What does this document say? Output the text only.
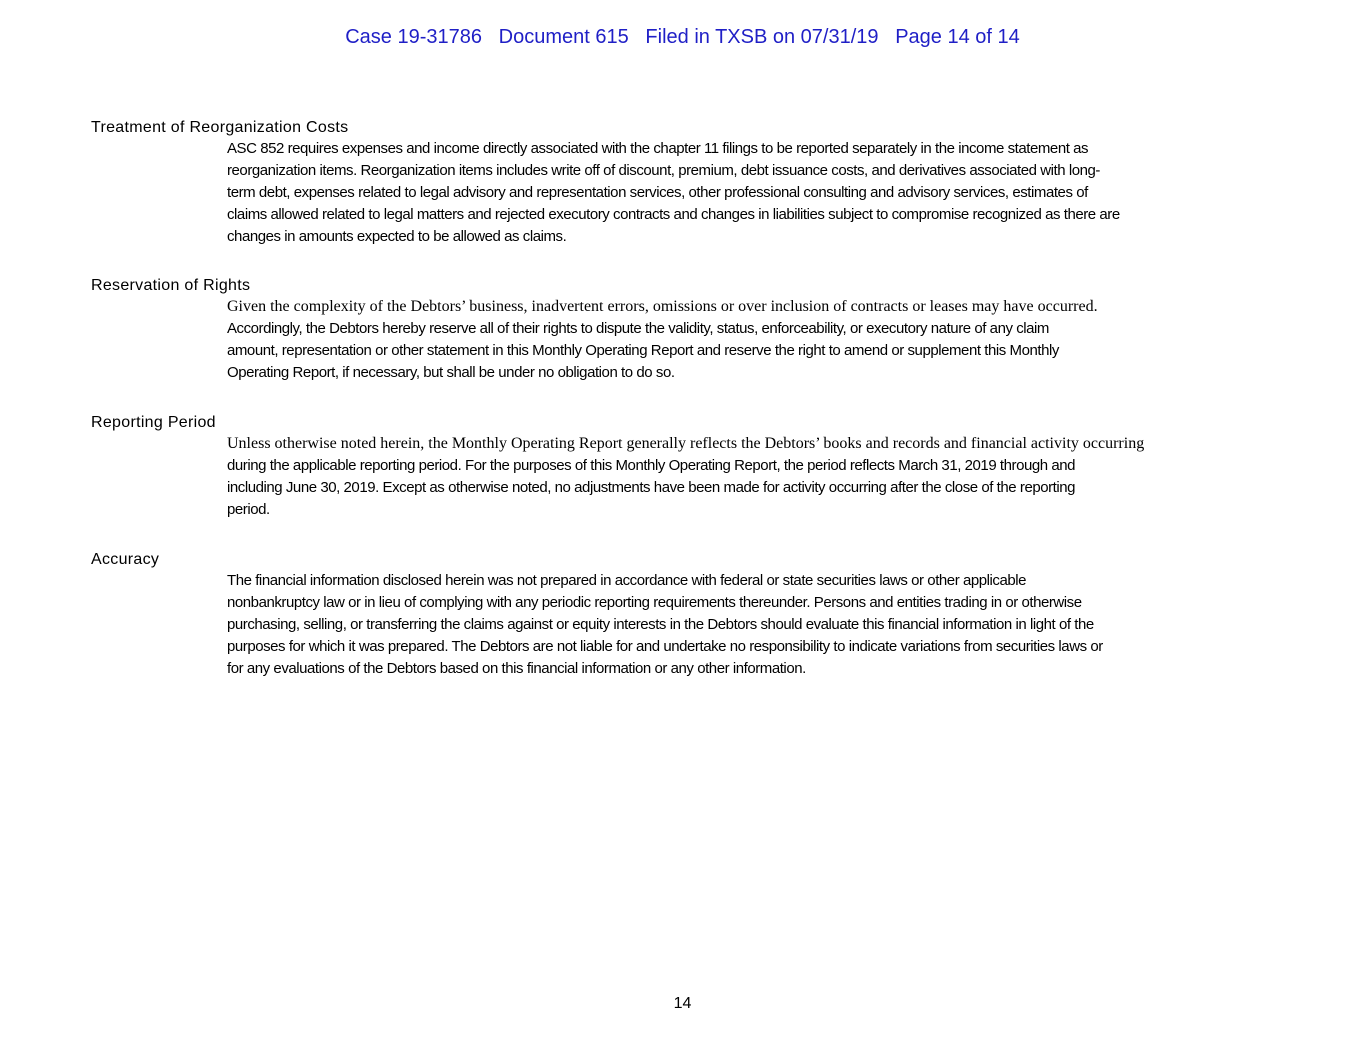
Case 19-31786   Document 615   Filed in TXSB on 07/31/19   Page 14 of 14

Treatment of Reorganization Costs

ASC 852 requires expenses and income directly associated with the chapter 11 filings to be reported separately in the income statement as
reorganization items. Reorganization items includes write off of discount, premium, debt issuance costs, and derivatives associated with long-
term debt, expenses related to legal advisory and representation services, other professional consulting and advisory services, estimates of
claims allowed related to legal matters and rejected executory contracts and changes in liabilities subject to compromise recognized as there are
changes in amounts expected to be allowed as claims.

Reservation of Rights

Given the complexity of the Debtors’ business, inadvertent errors, omissions or over inclusion of contracts or leases may have occurred.
Accordingly, the Debtors hereby reserve all of their rights to dispute the validity, status, enforceability, or executory nature of any claim
amount, representation or other statement in this Monthly Operating Report and reserve the right to amend or supplement this Monthly
Operating Report, if necessary, but shall be under no obligation to do so.

Reporting Period

Unless otherwise noted herein, the Monthly Operating Report generally reflects the Debtors’ books and records and financial activity occurring
during the applicable reporting period. For the purposes of this Monthly Operating Report, the period reflects March 31, 2019 through and
including June 30, 2019. Except as otherwise noted, no adjustments have been made for activity occurring after the close of the reporting
period.

Accuracy

The financial information disclosed herein was not prepared in accordance with federal or state securities laws or other applicable
nonbankruptcy law or in lieu of complying with any periodic reporting requirements thereunder. Persons and entities trading in or otherwise
purchasing, selling, or transferring the claims against or equity interests in the Debtors should evaluate this financial information in light of the
purposes for which it was prepared. The Debtors are not liable for and undertake no responsibility to indicate variations from securities laws or
for any evaluations of the Debtors based on this financial information or any other information.

14
